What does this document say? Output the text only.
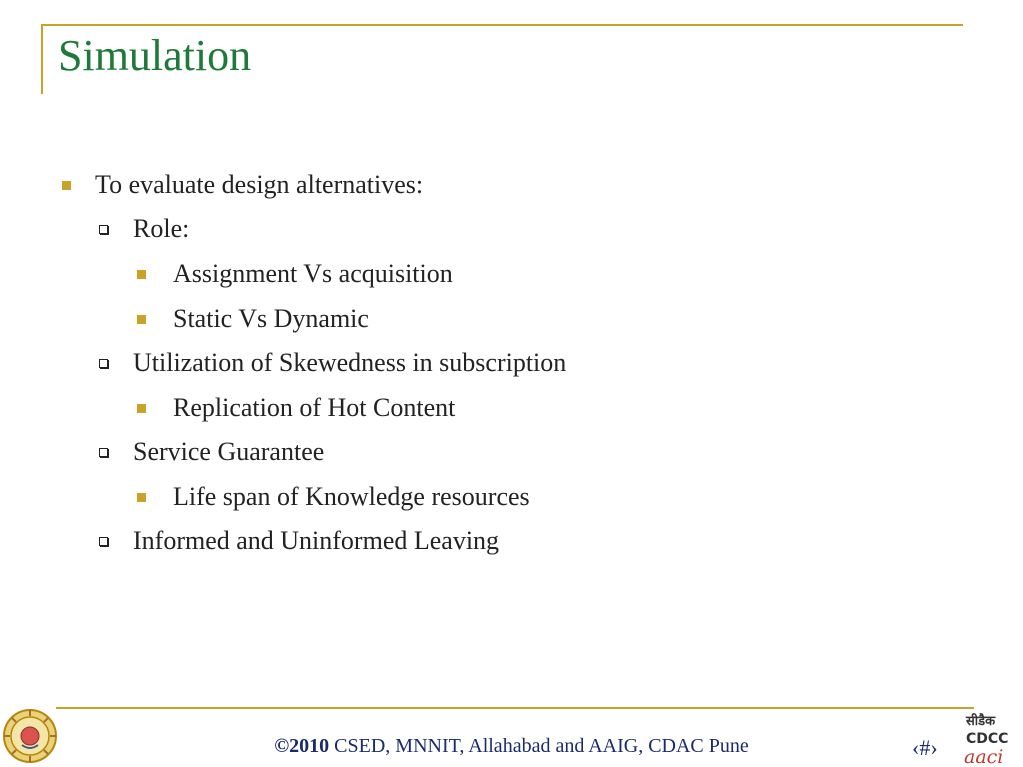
Simulation
To evaluate design alternatives:
Role:
Assignment Vs acquisition
Static Vs Dynamic
Utilization of Skewedness in subscription
Replication of Hot Content
Service Guarantee
Life span of Knowledge resources
Informed and Uninformed Leaving
©2010 CSED, MNNIT, Allahabad and AAIG, CDAC Pune	‹#›
सीडैक
CDCC
aaci
